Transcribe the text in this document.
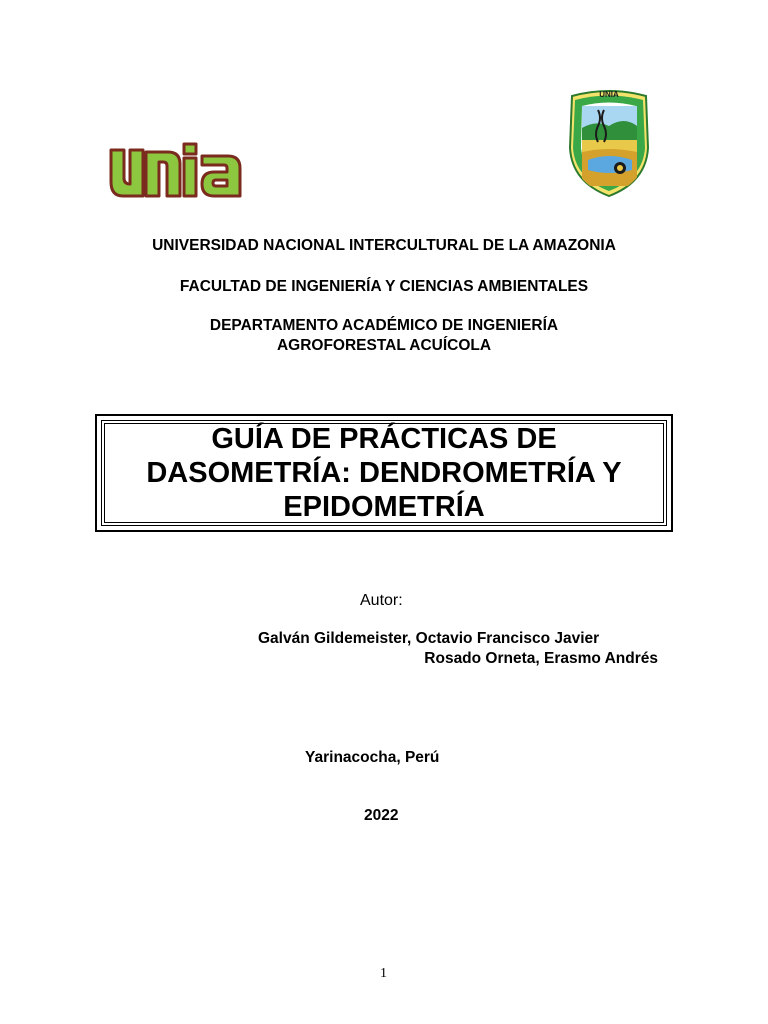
UNIA
UNIVERSIDAD NACIONAL INTERCULTURAL DE LA AMAZONIA
FACULTAD DE INGENIERÍA Y CIENCIAS AMBIENTALES
DEPARTAMENTO ACADÉMICO DE INGENIERÍA
AGROFORESTAL ACUÍCOLA
GUÍA DE PRÁCTICAS DE
DASOMETRÍA: DENDROMETRÍA Y
EPIDOMETRÍA
Autor:
Galván Gildemeister, Octavio Francisco Javier
Rosado Orneta, Erasmo Andrés
Yarinacocha, Perú
2022
1
